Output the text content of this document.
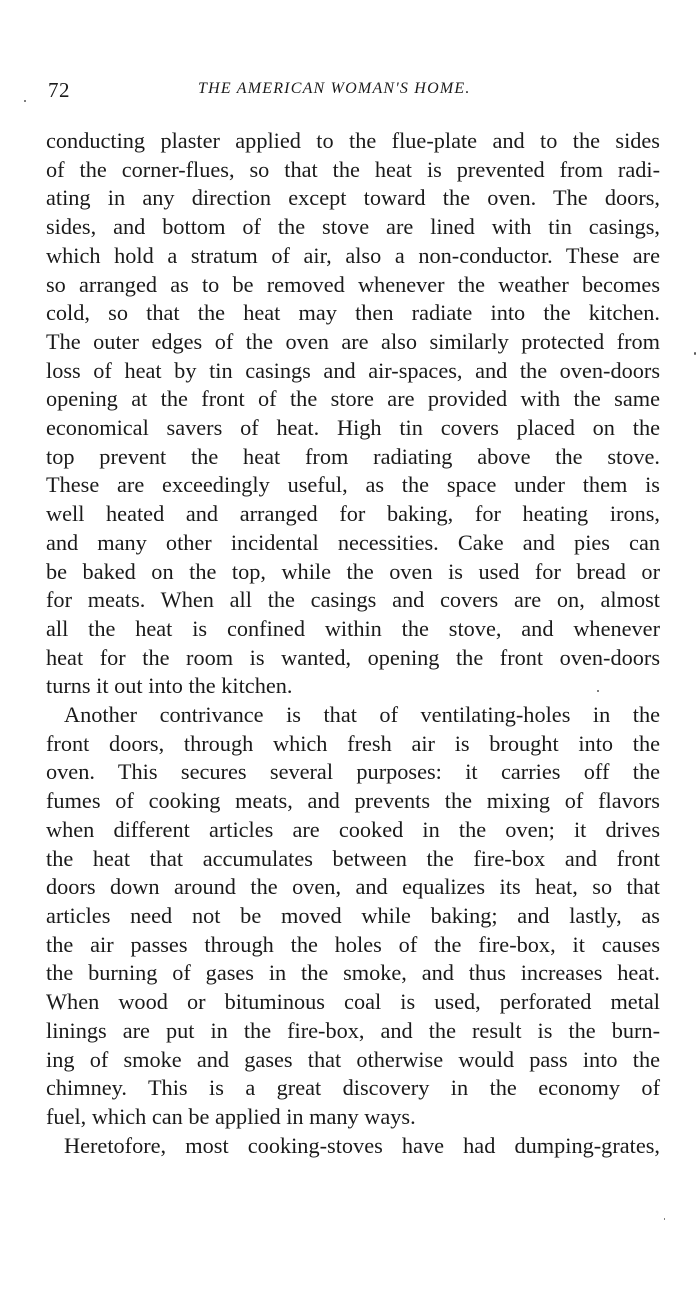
72	THE AMERICAN WOMAN'S HOME.

conducting plaster applied to the flue-plate and to the sides
of the corner-flues, so that the heat is prevented from radi-
ating in any direction except toward the oven. The doors,
sides, and bottom of the stove are lined with tin casings,
which hold a stratum of air, also a non-conductor. These are
so arranged as to be removed whenever the weather becomes
cold, so that the heat may then radiate into the kitchen.
The outer edges of the oven are also similarly protected from
loss of heat by tin casings and air-spaces, and the oven-doors
opening at the front of the store are provided with the same
economical savers of heat. High tin covers placed on the
top prevent the heat from radiating above the stove.
These are exceedingly useful, as the space under them is
well heated and arranged for baking, for heating irons,
and many other incidental necessities. Cake and pies can
be baked on the top, while the oven is used for bread or
for meats. When all the casings and covers are on, almost
all the heat is confined within the stove, and whenever
heat for the room is wanted, opening the front oven-doors
turns it out into the kitchen.

Another contrivance is that of ventilating-holes in the
front doors, through which fresh air is brought into the
oven. This secures several purposes: it carries off the
fumes of cooking meats, and prevents the mixing of flavors
when different articles are cooked in the oven; it drives
the heat that accumulates between the fire-box and front
doors down around the oven, and equalizes its heat, so that
articles need not be moved while baking; and lastly, as
the air passes through the holes of the fire-box, it causes
the burning of gases in the smoke, and thus increases heat.
When wood or bituminous coal is used, perforated metal
linings are put in the fire-box, and the result is the burn-
ing of smoke and gases that otherwise would pass into the
chimney. This is a great discovery in the economy of
fuel, which can be applied in many ways.

Heretofore, most cooking-stoves have had dumping-grates,
